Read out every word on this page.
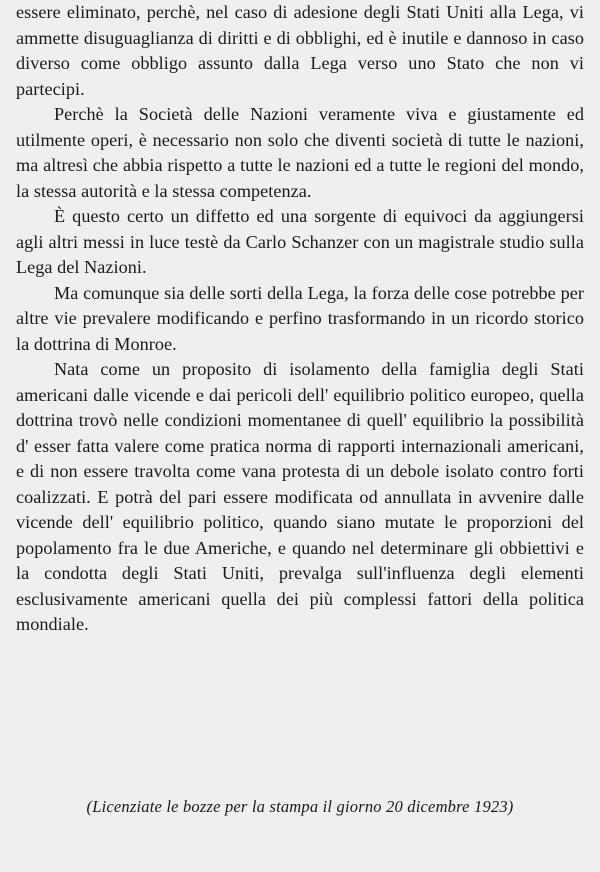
essere eliminato, perchè, nel caso di adesione degli Stati Uniti alla Lega, vi ammette disuguaglianza di diritti e di obblighi, ed è inutile e dannoso in caso diverso come obbligo assunto dalla Lega verso uno Stato che non vi partecipi.

Perchè la Società delle Nazioni veramente viva e giustamente ed utilmente operi, è necessario non solo che diventi società di tutte le nazioni, ma altresì che abbia rispetto a tutte le nazioni ed a tutte le regioni del mondo, la stessa autorità e la stessa competenza.

È questo certo un diffetto ed una sorgente di equivoci da aggiungersi agli altri messi in luce testè da Carlo Schanzer con un magistrale studio sulla Lega del Nazioni.

Ma comunque sia delle sorti della Lega, la forza delle cose potrebbe per altre vie prevalere modificando e perfino trasformando in un ricordo storico la dottrina di Monroe.

Nata come un proposito di isolamento della famiglia degli Stati americani dalle vicende e dai pericoli dell' equilibrio politico europeo, quella dottrina trovò nelle condizioni momentanee di quell' equilibrio la possibilità d' esser fatta valere come pratica norma di rapporti internazionali americani, e di non essere travolta come vana protesta di un debole isolato contro forti coalizzati. E potrà del pari essere modificata od annullata in avvenire dalle vicende dell' equilibrio politico, quando siano mutate le proporzioni del popolamento fra le due Americhe, e quando nel determinare gli obbiettivi e la condotta degli Stati Uniti, prevalga sull'influenza degli elementi esclusivamente americani quella dei più complessi fattori della politica mondiale.

(Licenziate le bozze per la stampa il giorno 20 dicembre 1923)
